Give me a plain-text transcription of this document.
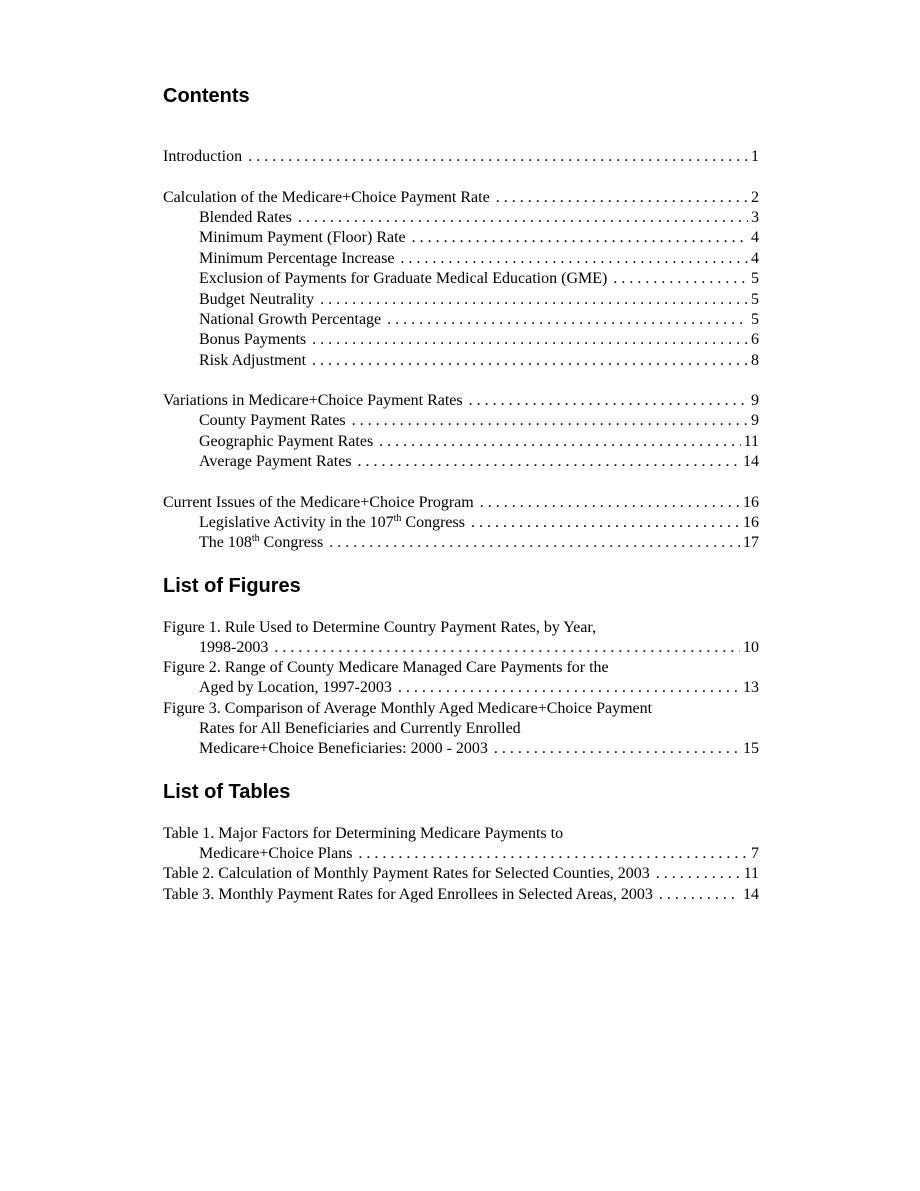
Contents
Introduction . . .	1
Calculation of the Medicare+Choice Payment Rate . . .	2
Blended Rates . . .	3
Minimum Payment (Floor) Rate . . .	4
Minimum Percentage Increase . . .	4
Exclusion of Payments for Graduate Medical Education (GME) . . .	5
Budget Neutrality . . .	5
National Growth Percentage . . .	5
Bonus Payments . . .	6
Risk Adjustment . . .	8
Variations in Medicare+Choice Payment Rates . . .	9
County Payment Rates . . .	9
Geographic Payment Rates . . .	11
Average Payment Rates . . .	14
Current Issues of the Medicare+Choice Program . . .	16
Legislative Activity in the 107th Congress . . .	16
The 108th Congress . . .	17
List of Figures
Figure 1. Rule Used to Determine Country Payment Rates, by Year,
1998-2003 . . .	10
Figure 2. Range of County Medicare Managed Care Payments for the
Aged by Location, 1997-2003 . . .	13
Figure 3. Comparison of Average Monthly Aged Medicare+Choice Payment
Rates for All Beneficiaries and Currently Enrolled
Medicare+Choice Beneficiaries: 2000 - 2003 . . .	15
List of Tables
Table 1. Major Factors for Determining Medicare Payments to
Medicare+Choice Plans . . .	7
Table 2. Calculation of Monthly Payment Rates for Selected Counties, 2003 . . .	11
Table 3. Monthly Payment Rates for Aged Enrollees in Selected Areas, 2003 . . .	14
